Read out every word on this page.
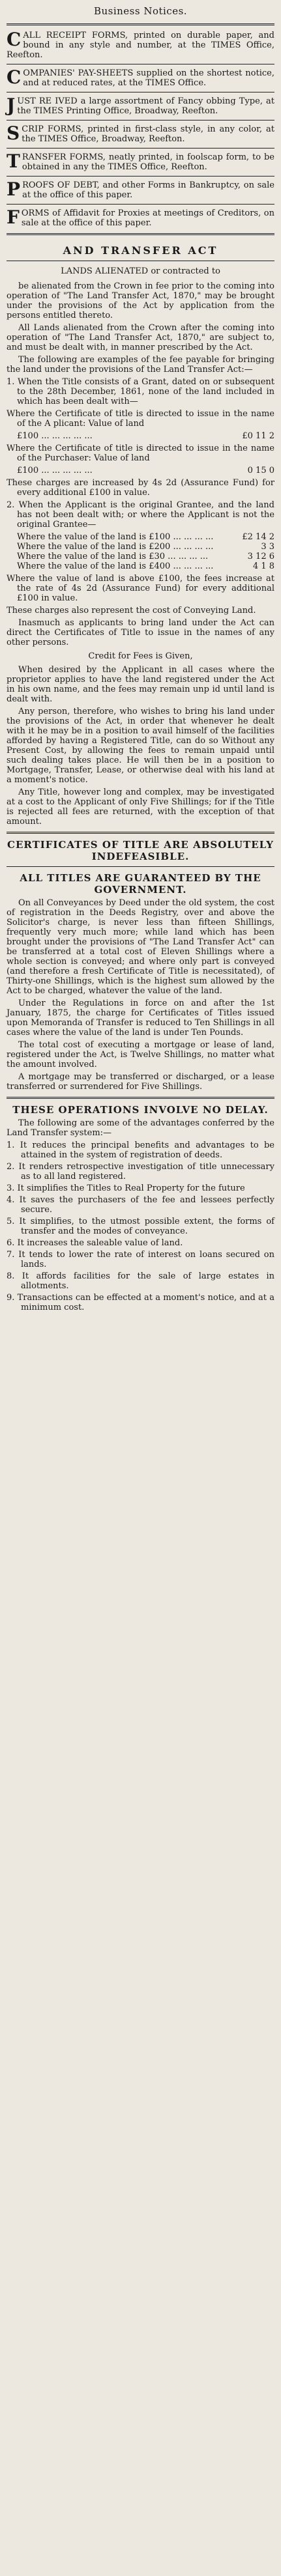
Business Notices.
CALL RECEIPT FORMS, printed on durable paper, and bound in any style and number, at the TIMES Office, Reefton.
COMPANIES' PAY-SHEETS supplied on the shortest notice, and at reduced rates, at the TIMES Office.
JUST RE IVED a large assortment of Fancy obbing Type, at the TIMES Printing Office, Broadway, Reefton.
SCRIP FORMS, printed in first-class style, in any color, at the TIMES Office, Broadway, Reefton.
TRANSFER FORMS, neatly printed, in foolscap form, to be obtained in any the TIMES Office, Reefton.
PROOFS OF DEBT, and other Forms in Bankruptcy, on sale at the office of this paper.
FORMS of Affidavit for Proxies at meetings of Creditors, on sale at the office of this paper.
AND TRANSFER ACT
LANDS ALIENATED or contracted to
be alienated from the Crown in fee prior to the coming into operation of "The Land Transfer Act, 1870," may be brought under the provisions of the Act by application from the persons entitled thereto.
All Lands alienated from the Crown after the coming into operation of "The Land Transfer Act, 1870," are subject to, and must be dealt with, in manner prescribed by the Act.
The following are examples of the fee payable for bringing the land under the provisions of the Land Transfer Act:—
1. When the Title consists of a Grant, dated on or subsequent to the 28th December, 1861, none of the land included in which has been dealt with—
Where the Certificate of title is directed to issue in the name of the A plicant: Value of land
£100 ... ... ... ... ...	£0 11 2
Where the Certificate of title is directed to issue in the name of the Purchaser: Value of land
£100 ... ... ... ... ...	0 15 0
These charges are increased by 4s 2d (Assurance Fund) for every additional £100 in value.
2. When the Applicant is the original Grantee, and the land has not been dealt with; or where the Applicant is not the original Grantee—
Where the value of the land is £100 ... ... ... ...	£2 14 2
Where the value of the land is £200 ... ... ... ...	3 3
Where the value of the land is £30 ... ... ... ...	3 12 6
Where the value of the land is £400 ... ... ... ...	4 1 8
Where the value of land is above £100, the fees increase at the rate of 4s 2d (Assurance Fund) for every additional £100 in value.
These charges also represent the cost of Conveying Land.
Inasmuch as applicants to bring land under the Act can direct the Certificates of Title to issue in the names of any other persons.
Credit for Fees is Given,
When desired by the Applicant in all cases where the proprietor applies to have the land registered under the Act in his own name, and the fees may remain unp id until land is dealt with.
Any person, therefore, who wishes to bring his land under the provisions of the Act, in order that whenever he dealt with it he may be in a position to avail himself of the facilities afforded by having a Registered Title, can do so Without any Present Cost, by allowing the fees to remain unpaid until such dealing takes place. He will then be in a position to Mortgage, Transfer, Lease, or otherwise deal with his land at a moment's notice.
Any Title, however long and complex, may be investigated at a cost to the Applicant of only Five Shillings; for if the Title is rejected all fees are returned, with the exception of that amount.
CERTIFICATES OF TITLE ARE ABSOLUTELY INDEFEASIBLE.
ALL TITLES ARE GUARANTEED BY THE GOVERNMENT.
On all Conveyances by Deed under the old system, the cost of registration in the Deeds Registry, over and above the Solicitor's charge, is never less than fifteen Shillings, frequently very much more; while land which has been brought under the provisions of "The Land Transfer Act" can be transferred at a total cost of Eleven Shillings where a whole section is conveyed; and where only part is conveyed (and therefore a fresh Certificate of Title is necessitated), of Thirty-one Shillings, which is the highest sum allowed by the Act to be charged, whatever the value of the land.
Under the Regulations in force on and after the 1st January, 1875, the charge for Certificates of Titles issued upon Memoranda of Transfer is reduced to Ten Shillings in all cases where the value of the land is under Ten Pounds.
The total cost of executing a mortgage or lease of land, registered under the Act, is Twelve Shillings, no matter what the amount involved.
A mortgage may be transferred or discharged, or a lease transferred or surrendered for Five Shillings.
THESE OPERATIONS INVOLVE NO DELAY.
The following are some of the advantages conferred by the Land Transfer system:—
1. It reduces the principal benefits and advantages to be attained in the system of registration of deeds.
2. It renders retrospective investigation of title unnecessary as to all land registered.
3. It simplifies the Titles to Real Property for the future
4. It saves the purchasers of the fee and lessees perfectly secure.
5. It simplifies, to the utmost possible extent, the forms of transfer and the modes of conveyance.
6. It increases the saleable value of land.
7. It tends to lower the rate of interest on loans secured on lands.
8. It affords facilities for the sale of large estates in allotments.
9. Transactions can be effected at a moment's notice, and at a minimum cost.
